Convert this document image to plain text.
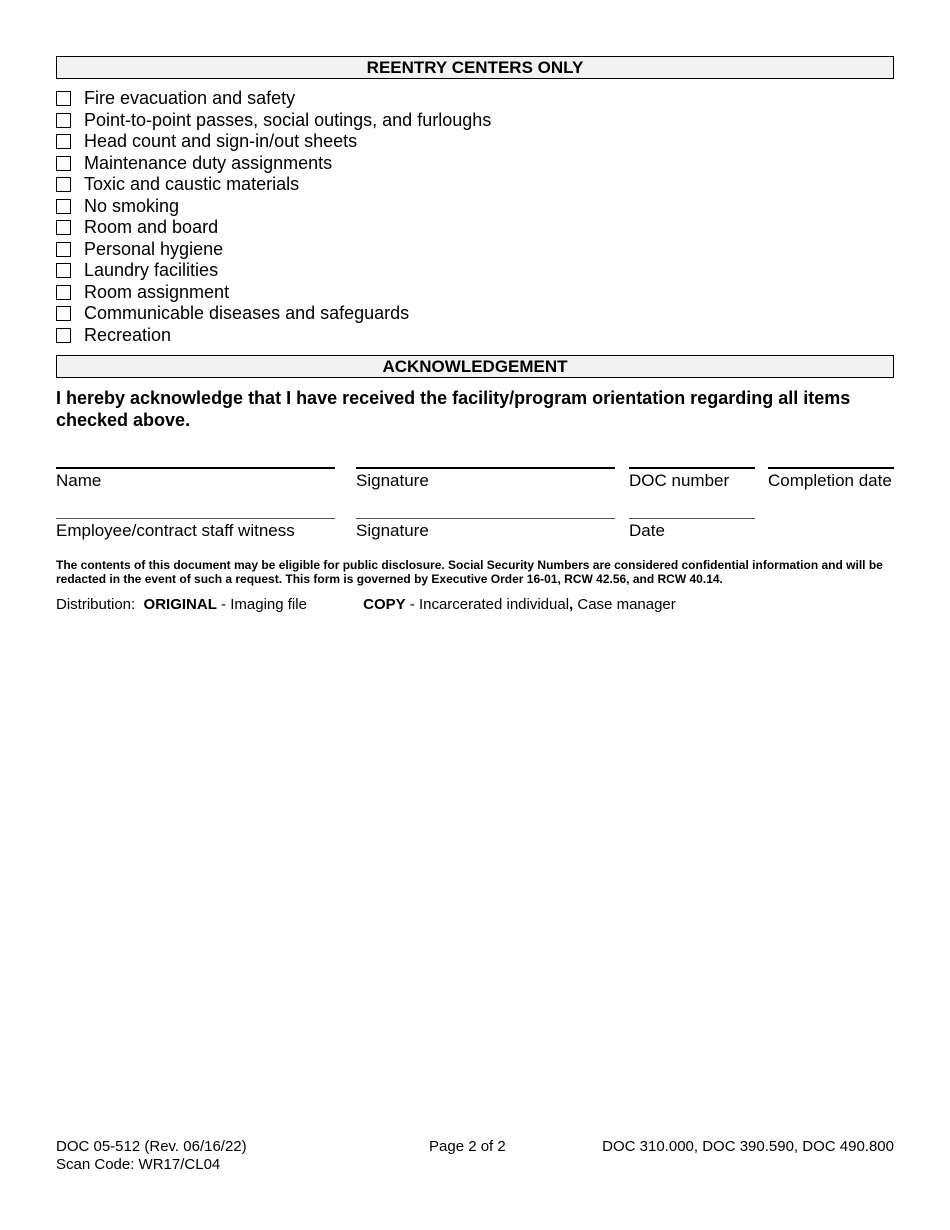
REENTRY CENTERS ONLY
Fire evacuation and safety
Point-to-point passes, social outings, and furloughs
Head count and sign-in/out sheets
Maintenance duty assignments
Toxic and caustic materials
No smoking
Room and board
Personal hygiene
Laundry facilities
Room assignment
Communicable diseases and safeguards
Recreation
ACKNOWLEDGEMENT
I hereby acknowledge that I have received the facility/program orientation regarding all items checked above.
Name	Signature	DOC number	Completion date
Employee/contract staff witness	Signature	Date
The contents of this document may be eligible for public disclosure. Social Security Numbers are considered confidential information and will be redacted in the event of such a request. This form is governed by Executive Order 16-01, RCW 42.56, and RCW 40.14.
Distribution: ORIGINAL - Imaging file	COPY - Incarcerated individual, Case manager
DOC 05-512 (Rev. 06/16/22)
Scan Code: WR17/CL04
Page 2 of 2	DOC 310.000, DOC 390.590, DOC 490.800
